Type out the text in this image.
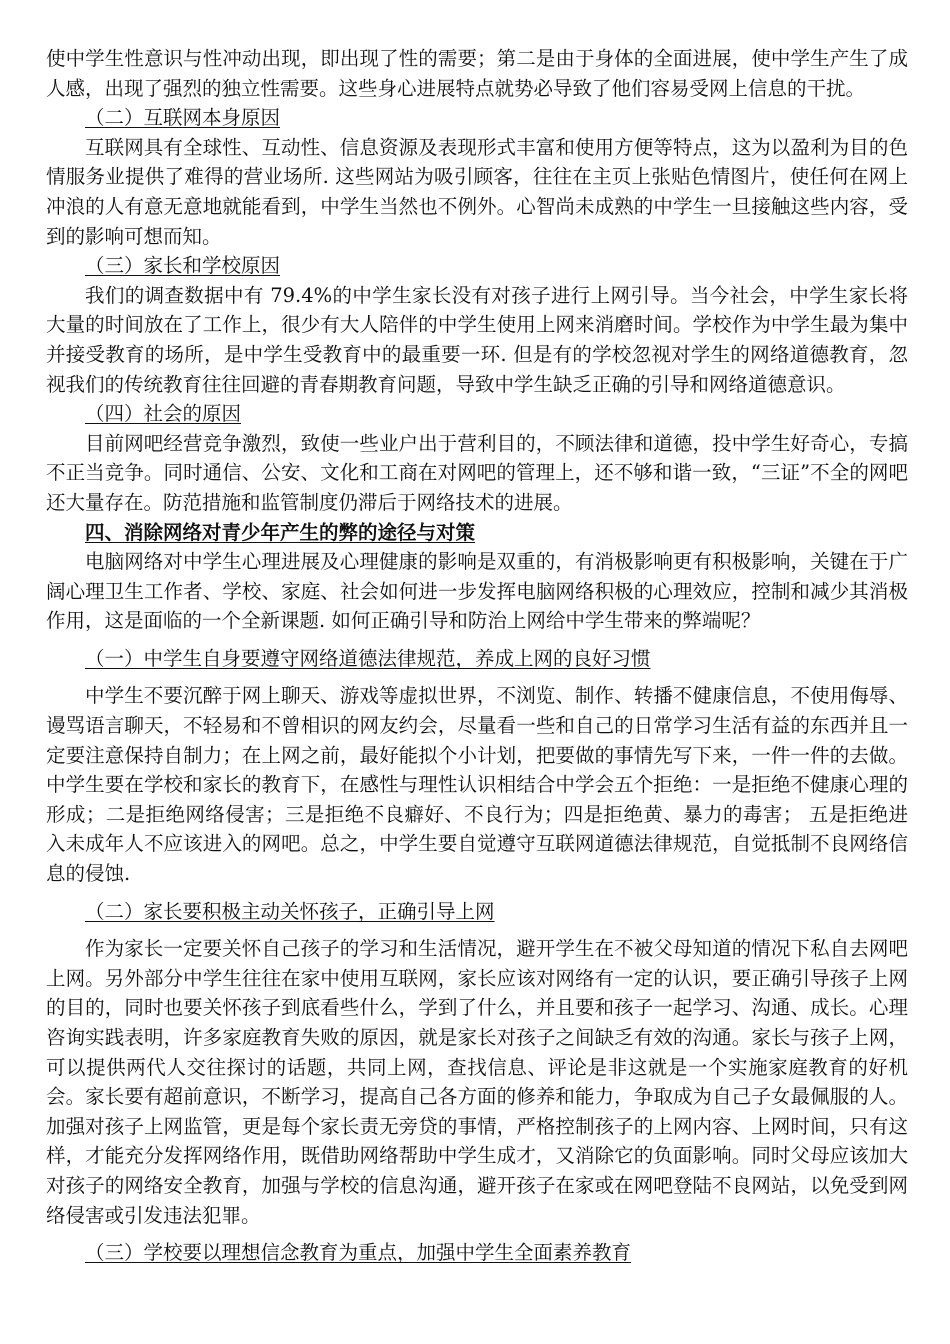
使中学生性意识与性冲动出现，即出现了性的需要；第二是由于身体的全面进展，使中学生产生了成人感，出现了强烈的独立性需要。这些身心进展特点就势必导致了他们容易受网上信息的干扰。

（二）互联网本身原因

互联网具有全球性、互动性、信息资源及表现形式丰富和使用方便等特点，这为以盈利为目的色情服务业提供了难得的营业场所. 这些网站为吸引顾客，往往在主页上张贴色情图片，使任何在网上冲浪的人有意无意地就能看到，中学生当然也不例外。心智尚未成熟的中学生一旦接触这些内容，受到的影响可想而知。

（三）家长和学校原因

我们的调查数据中有 79.4%的中学生家长没有对孩子进行上网引导。当今社会，中学生家长将大量的时间放在了工作上，很少有大人陪伴的中学生使用上网来消磨时间。学校作为中学生最为集中并接受教育的场所，是中学生受教育中的最重要一环. 但是有的学校忽视对学生的网络道德教育，忽视我们的传统教育往往回避的青春期教育问题，导致中学生缺乏正确的引导和网络道德意识。

（四）社会的原因

目前网吧经营竞争激烈，致使一些业户出于营利目的，不顾法律和道德，投中学生好奇心，专搞不正当竞争。同时通信、公安、文化和工商在对网吧的管理上，还不够和谐一致，“三证”不全的网吧还大量存在。防范措施和监管制度仍滞后于网络技术的进展。

四、消除网络对青少年产生的弊的途径与对策

电脑网络对中学生心理进展及心理健康的影响是双重的，有消极影响更有积极影响，关键在于广阔心理卫生工作者、学校、家庭、社会如何进一步发挥电脑网络积极的心理效应，控制和减少其消极作用，这是面临的一个全新课题. 如何正确引导和防治上网给中学生带来的弊端呢？

（一）中学生自身要遵守网络道德法律规范，养成上网的良好习惯

中学生不要沉醉于网上聊天、游戏等虚拟世界，不浏览、制作、转播不健康信息，不使用侮辱、谩骂语言聊天，不轻易和不曾相识的网友约会，尽量看一些和自己的日常学习生活有益的东西并且一定要注意保持自制力；在上网之前，最好能拟个小计划，把要做的事情先写下来，一件一件的去做。中学生要在学校和家长的教育下，在感性与理性认识相结合中学会五个拒绝：一是拒绝不健康心理的形成；二是拒绝网络侵害；三是拒绝不良癖好、不良行为；四是拒绝黄、暴力的毒害； 五是拒绝进入未成年人不应该进入的网吧。总之，中学生要自觉遵守互联网道德法律规范，自觉抵制不良网络信息的侵蚀.

（二）家长要积极主动关怀孩子，正确引导上网

作为家长一定要关怀自己孩子的学习和生活情况，避开学生在不被父母知道的情况下私自去网吧上网。另外部分中学生往往在家中使用互联网，家长应该对网络有一定的认识，要正确引导孩子上网的目的，同时也要关怀孩子到底看些什么，学到了什么，并且要和孩子一起学习、沟通、成长。心理咨询实践表明，许多家庭教育失败的原因，就是家长对孩子之间缺乏有效的沟通。家长与孩子上网，可以提供两代人交往探讨的话题，共同上网，查找信息、评论是非这就是一个实施家庭教育的好机会。家长要有超前意识，不断学习，提高自己各方面的修养和能力，争取成为自己子女最佩服的人。加强对孩子上网监管，更是每个家长责无旁贷的事情，严格控制孩子的上网内容、上网时间，只有这样，才能充分发挥网络作用，既借助网络帮助中学生成才，又消除它的负面影响。同时父母应该加大对孩子的网络安全教育，加强与学校的信息沟通，避开孩子在家或在网吧登陆不良网站，以免受到网络侵害或引发违法犯罪。

（三）学校要以理想信念教育为重点，加强中学生全面素养教育
